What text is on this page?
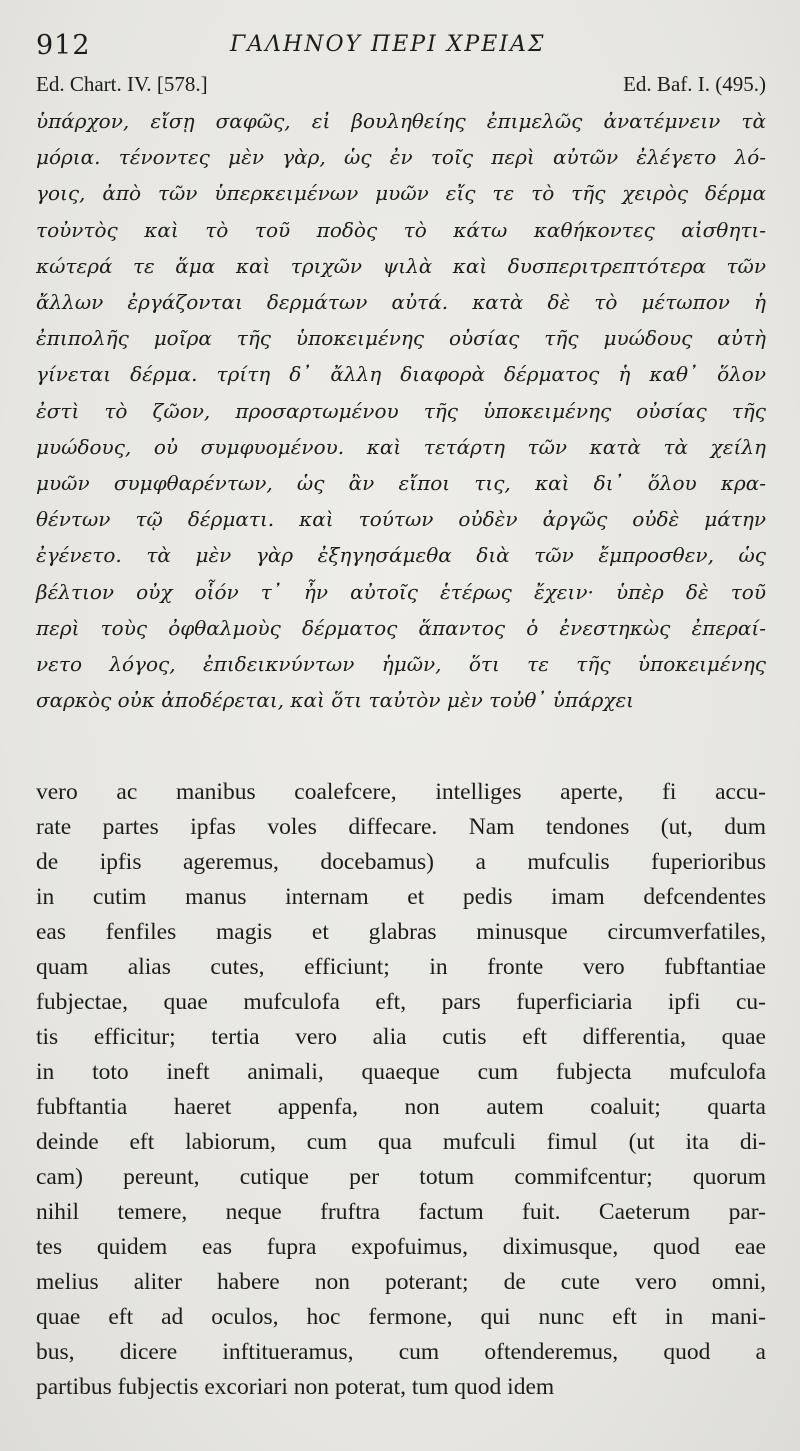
912	ΓΑΛΗΝΟΥ ΠΕΡΙ ΧΡΕΙΑΣ
Ed. Chart. IV. [578.]	Ed. Baf. I. (495.)
ὑπάρχον, εἴσῃ σαφῶς, εἰ βουληθείης ἐπιμελῶς ἀνατέμνειν τὰ
μόρια. τένοντες μὲν γὰρ, ὡς ἐν τοῖς περὶ αὐτῶν ἐλέγετο λό-
γοις, ἀπὸ τῶν ὑπερκειμένων μυῶν εἴς τε τὸ τῆς χειρὸς δέρμα
τοὐντὸς καὶ τὸ τοῦ ποδὸς τὸ κάτω καθήκοντες αἰσθητι-
κώτερά τε ἅμα καὶ τριχῶν ψιλὰ καὶ δυσπεριτρεπτότερα τῶν
ἄλλων ἐργάζονται δερμάτων αὐτά. κατὰ δὲ τὸ μέτωπον ἡ
ἐπιπολῆς μοῖρα τῆς ὑποκειμένης οὐσίας τῆς μυώδους αὐτὴ
γίνεται δέρμα. τρίτη δ᾽ ἄλλη διαφορὰ δέρματος ἡ καθ᾽ ὅλον
ἐστὶ τὸ ζῶον, προσαρτωμένου τῆς ὑποκειμένης οὐσίας τῆς
μυώδους, οὐ συμφυομένου. καὶ τετάρτη τῶν κατὰ τὰ χείλη
μυῶν συμφθαρέντων, ὡς ἂν εἴποι τις, καὶ δι᾽ ὅλου κρα-
θέντων τῷ δέρματι. καὶ τούτων οὐδὲν ἀργῶς οὐδὲ μάτην
ἐγένετο. τὰ μὲν γὰρ ἐξηγησάμεθα διὰ τῶν ἔμπροσθεν, ὡς
βέλτιον οὐχ οἷόν τ᾽ ἦν αὐτοῖς ἑτέρως ἔχειν· ὑπὲρ δὲ τοῦ
περὶ τοὺς ὀφθαλμοὺς δέρματος ἅπαντος ὁ ἐνεστηκὼς ἐπεραί-
νετο λόγος, ἐπιδεικνύντων ἡμῶν, ὅτι τε τῆς ὑποκειμένης
σαρκὸς οὐκ ἀποδέρεται, καὶ ὅτι ταὐτὸν μὲν τοὐθ᾽ ὑπάρχει
vero ac manibus coalefcere, intelliges aperte, fi accu-
rate partes ipfas voles diffecare. Nam tendones (ut, dum
de ipfis ageremus, docebamus) a mufculis fuperioribus
in cutim manus internam et pedis imam defcendentes
eas fenfiles magis et glabras minusque circumverfatiles,
quam alias cutes, efficiunt; in fronte vero fubftantiae
fubjectae, quae mufculofa eft, pars fuperficiaria ipfi cu-
tis efficitur; tertia vero alia cutis eft differentia, quae
in toto ineft animali, quaeque cum fubjecta mufculofa
fubftantia haeret appenfa, non autem coaluit; quarta
deinde eft labiorum, cum qua mufculi fimul (ut ita di-
cam) pereunt, cutique per totum commifcentur; quorum
nihil temere, neque fruftra factum fuit. Caeterum par-
tes quidem eas fupra expofuimus, diximusque, quod eae
melius aliter habere non poterant; de cute vero omni,
quae eft ad oculos, hoc fermone, qui nunc eft in mani-
bus, dicere inftitueramus, cum oftenderemus, quod a
partibus fubjectis excoriari non poterat, tum quod idem
